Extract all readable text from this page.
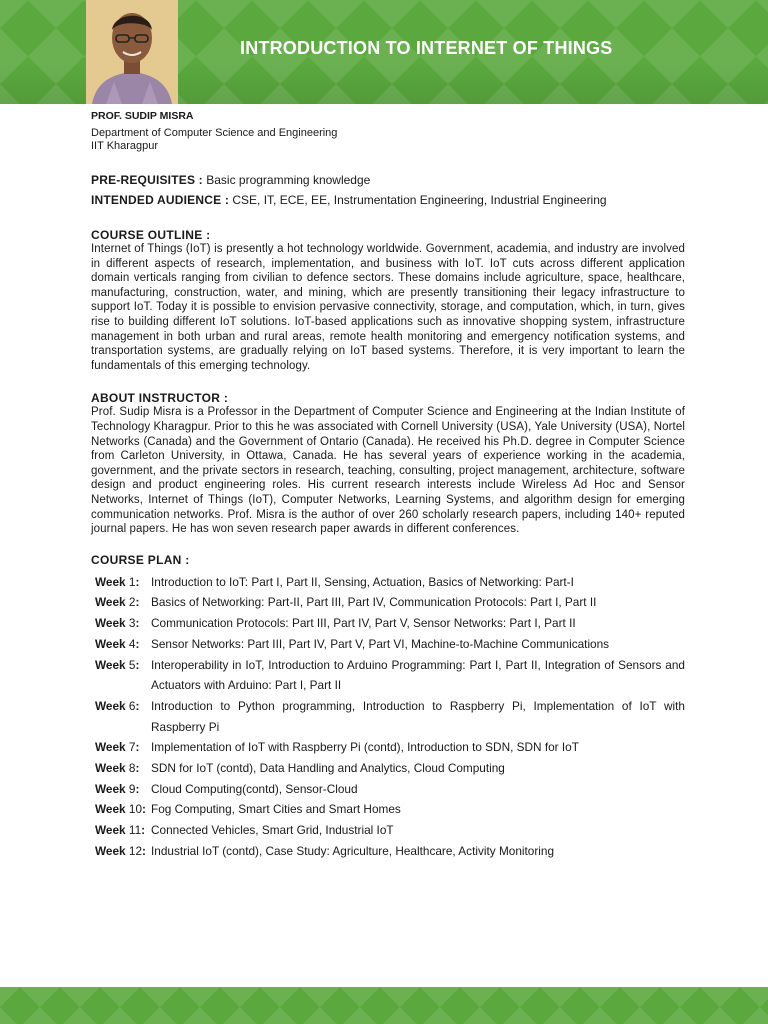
INTRODUCTION TO INTERNET OF THINGS

PROF. SUDIP MISRA

Department of Computer Science and Engineering

IIT Kharagpur

PRE-REQUISITES : Basic programming knowledge
INTENDED AUDIENCE : CSE, IT, ECE, EE, Instrumentation Engineering, Industrial Engineering

COURSE OUTLINE :

Internet of Things (IoT) is presently a hot technology worldwide. Government, academia, and industry are involved in different aspects of research, implementation, and business with IoT. IoT cuts across different application domain verticals ranging from civilian to defence sectors. These domains include agriculture, space, healthcare, manufacturing, construction, water, and mining, which are presently transitioning their legacy infrastructure to support IoT. Today it is possible to envision pervasive connectivity, storage, and computation, which, in turn, gives rise to building different IoT solutions. IoT-based applications such as innovative shopping system, infrastructure management in both urban and rural areas, remote health monitoring and emergency notification systems, and transportation systems, are gradually relying on IoT based systems. Therefore, it is very important to learn the fundamentals of this emerging technology.

ABOUT INSTRUCTOR :

Prof. Sudip Misra is a Professor in the Department of Computer Science and Engineering at the Indian Institute of Technology Kharagpur. Prior to this he was associated with Cornell University (USA), Yale University (USA), Nortel Networks (Canada) and the Government of Ontario (Canada). He received his Ph.D. degree in Computer Science from Carleton University, in Ottawa, Canada. He has several years of experience working in the academia, government, and the private sectors in research, teaching, consulting, project management, architecture, software design and product engineering roles. His current research interests include Wireless Ad Hoc and Sensor Networks, Internet of Things (IoT), Computer Networks, Learning Systems, and algorithm design for emerging communication networks. Prof. Misra is the author of over 260 scholarly research papers, including 140+ reputed journal papers. He has won seven research paper awards in different conferences.

COURSE PLAN :

Week 1: Introduction to IoT: Part I, Part II, Sensing, Actuation, Basics of Networking: Part-I
Week 2: Basics of Networking: Part-II, Part III, Part IV, Communication Protocols: Part I, Part II
Week 3: Communication Protocols: Part III, Part IV, Part V, Sensor Networks: Part I, Part II
Week 4: Sensor Networks: Part III, Part IV, Part V, Part VI, Machine-to-Machine Communications
Week 5: Interoperability in IoT, Introduction to Arduino Programming: Part I, Part II, Integration of Sensors and Actuators with Arduino: Part I, Part II
Week 6: Introduction to Python programming, Introduction to Raspberry Pi, Implementation of IoT with Raspberry Pi
Week 7: Implementation of IoT with Raspberry Pi (contd), Introduction to SDN, SDN for IoT
Week 8: SDN for IoT (contd), Data Handling and Analytics, Cloud Computing
Week 9: Cloud Computing(contd), Sensor-Cloud
Week 10: Fog Computing, Smart Cities and Smart Homes
Week 11: Connected Vehicles, Smart Grid, Industrial IoT
Week 12: Industrial IoT (contd), Case Study: Agriculture, Healthcare, Activity Monitoring
